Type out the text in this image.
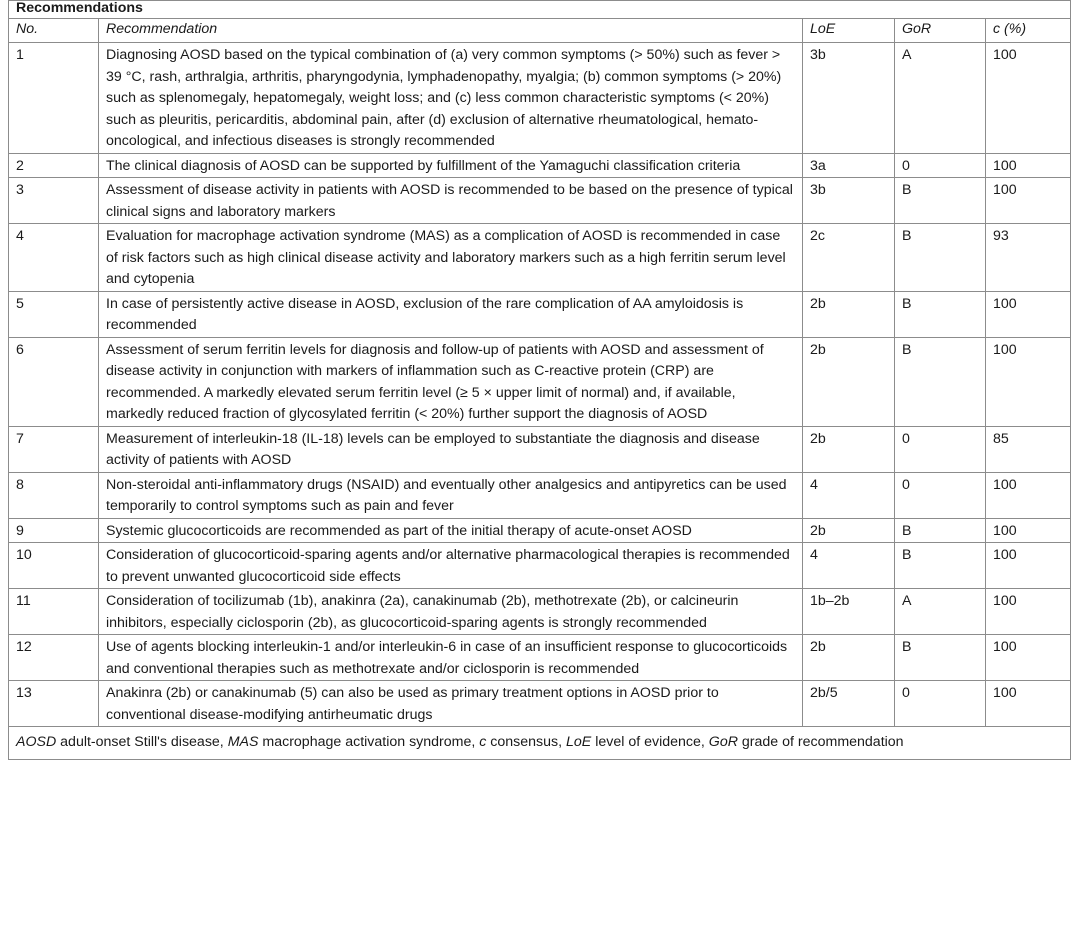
Recommendations				
No.	Recommendation	LoE	GoR	c (%)
1	Diagnosing AOSD based on the typical combination of (a) very common symptoms (> 50%) such as fever > 39 °C, rash, arthralgia, arthritis, pharyngodynia, lymphadenopathy, myalgia; (b) common symptoms (> 20%) such as splenomegaly, hepatomegaly, weight loss; and (c) less common characteristic symptoms (< 20%) such as pleuritis, pericarditis, abdominal pain, after (d) exclusion of alternative rheumatological, hemato-oncological, and infectious diseases is strongly recommended	3b	A	100
2	The clinical diagnosis of AOSD can be supported by fulfillment of the Yamaguchi classification criteria	3a	0	100
3	Assessment of disease activity in patients with AOSD is recommended to be based on the presence of typical clinical signs and laboratory markers	3b	B	100
4	Evaluation for macrophage activation syndrome (MAS) as a complication of AOSD is recommended in case of risk factors such as high clinical disease activity and laboratory markers such as a high ferritin serum level and cytopenia	2c	B	93
5	In case of persistently active disease in AOSD, exclusion of the rare complication of AA amyloidosis is recommended	2b	B	100
6	Assessment of serum ferritin levels for diagnosis and follow-up of patients with AOSD and assessment of disease activity in conjunction with markers of inflammation such as C-reactive protein (CRP) are recommended. A markedly elevated serum ferritin level (≥ 5 × upper limit of normal) and, if available, markedly reduced fraction of glycosylated ferritin (< 20%) further support the diagnosis of AOSD	2b	B	100
7	Measurement of interleukin-18 (IL-18) levels can be employed to substantiate the diagnosis and disease activity of patients with AOSD	2b	0	85
8	Non-steroidal anti-inflammatory drugs (NSAID) and eventually other analgesics and antipyretics can be used temporarily to control symptoms such as pain and fever	4	0	100
9	Systemic glucocorticoids are recommended as part of the initial therapy of acute-onset AOSD	2b	B	100
10	Consideration of glucocorticoid-sparing agents and/or alternative pharmacological therapies is recommended to prevent unwanted glucocorticoid side effects	4	B	100
11	Consideration of tocilizumab (1b), anakinra (2a), canakinumab (2b), methotrexate (2b), or calcineurin inhibitors, especially ciclosporin (2b), as glucocorticoid-sparing agents is strongly recommended	1b–2b	A	100
12	Use of agents blocking interleukin-1 and/or interleukin-6 in case of an insufficient response to glucocorticoids and conventional therapies such as methotrexate and/or ciclosporin is recommended	2b	B	100
13	Anakinra (2b) or canakinumab (5) can also be used as primary treatment options in AOSD prior to conventional disease-modifying antirheumatic drugs	2b/5	0	100
AOSD adult-onset Still's disease, MAS macrophage activation syndrome, c consensus, LoE level of evidence, GoR grade of recommendation				
